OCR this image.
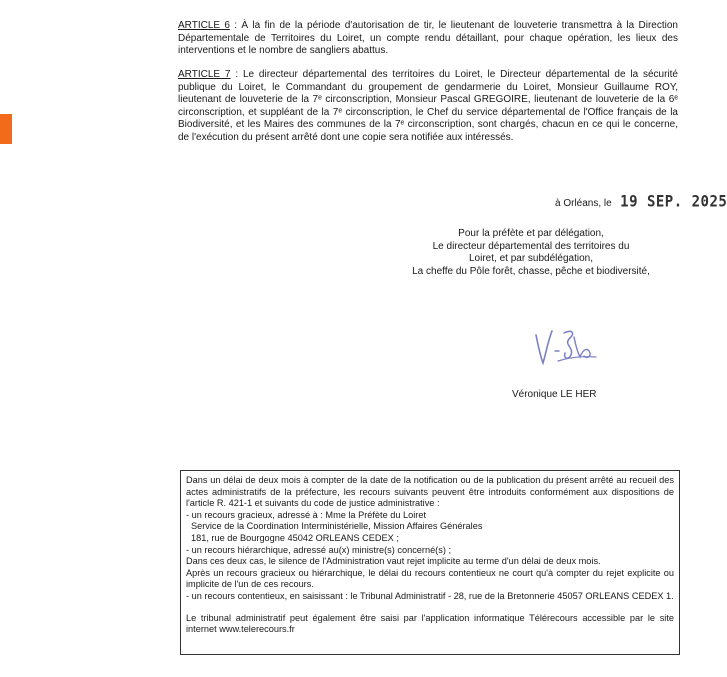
ARTICLE 6 : À la fin de la période d'autorisation de tir, le lieutenant de louveterie transmettra à la Direction Départementale de Territoires du Loiret, un compte rendu détaillant, pour chaque opération, les lieux des interventions et le nombre de sangliers abattus.

ARTICLE 7 : Le directeur départemental des territoires du Loiret, le Directeur départemental de la sécurité publique du Loiret, le Commandant du groupement de gendarmerie du Loiret, Monsieur Guillaume ROY, lieutenant de louveterie de la 7ᵉ circonscription, Monsieur Pascal GREGOIRE, lieutenant de louveterie de la 6ᵉ circonscription, et suppléant de la 7ᵉ circonscription, le Chef du service départemental de l'Office français de la Biodiversité, et les Maires des communes de la 7ᵉ circonscription, sont chargés, chacun en ce qui le concerne, de l'exécution du présent arrêté dont une copie sera notifiée aux intéressés.

à Orléans, le 19 SEP. 2025
Pour la préfète et par délégation,
Le directeur départemental des territoires du
Loiret, et par subdélégation,
La cheffe du Pôle forêt, chasse, pêche et biodiversité,
Véronique LE HER

Dans un délai de deux mois à compter de la date de la notification ou de la publication du présent arrêté au recueil des actes administratifs de la préfecture, les recours suivants peuvent être introduits conformément aux dispositions de l'article R. 421-1 et suivants du code de justice administrative :

- un recours gracieux, adressé à : Mme la Préfète du Loiret

Service de la Coordination Interministérielle, Mission Affaires Générales

181, rue de Bourgogne 45042 ORLEANS CEDEX ;

- un recours hiérarchique, adressé au(x) ministre(s) concerné(s) ;

Dans ces deux cas, le silence de l'Administration vaut rejet implicite au terme d'un délai de deux mois.

Après un recours gracieux ou hiérarchique, le délai du recours contentieux ne court qu'à compter du rejet explicite ou implicite de l'un de ces recours.

- un recours contentieux, en saisissant : le Tribunal Administratif - 28, rue de la Bretonnerie 45057 ORLEANS CEDEX 1.

Le tribunal administratif peut également être saisi par l'application informatique Télérecours accessible par le site internet www.telerecours.fr
